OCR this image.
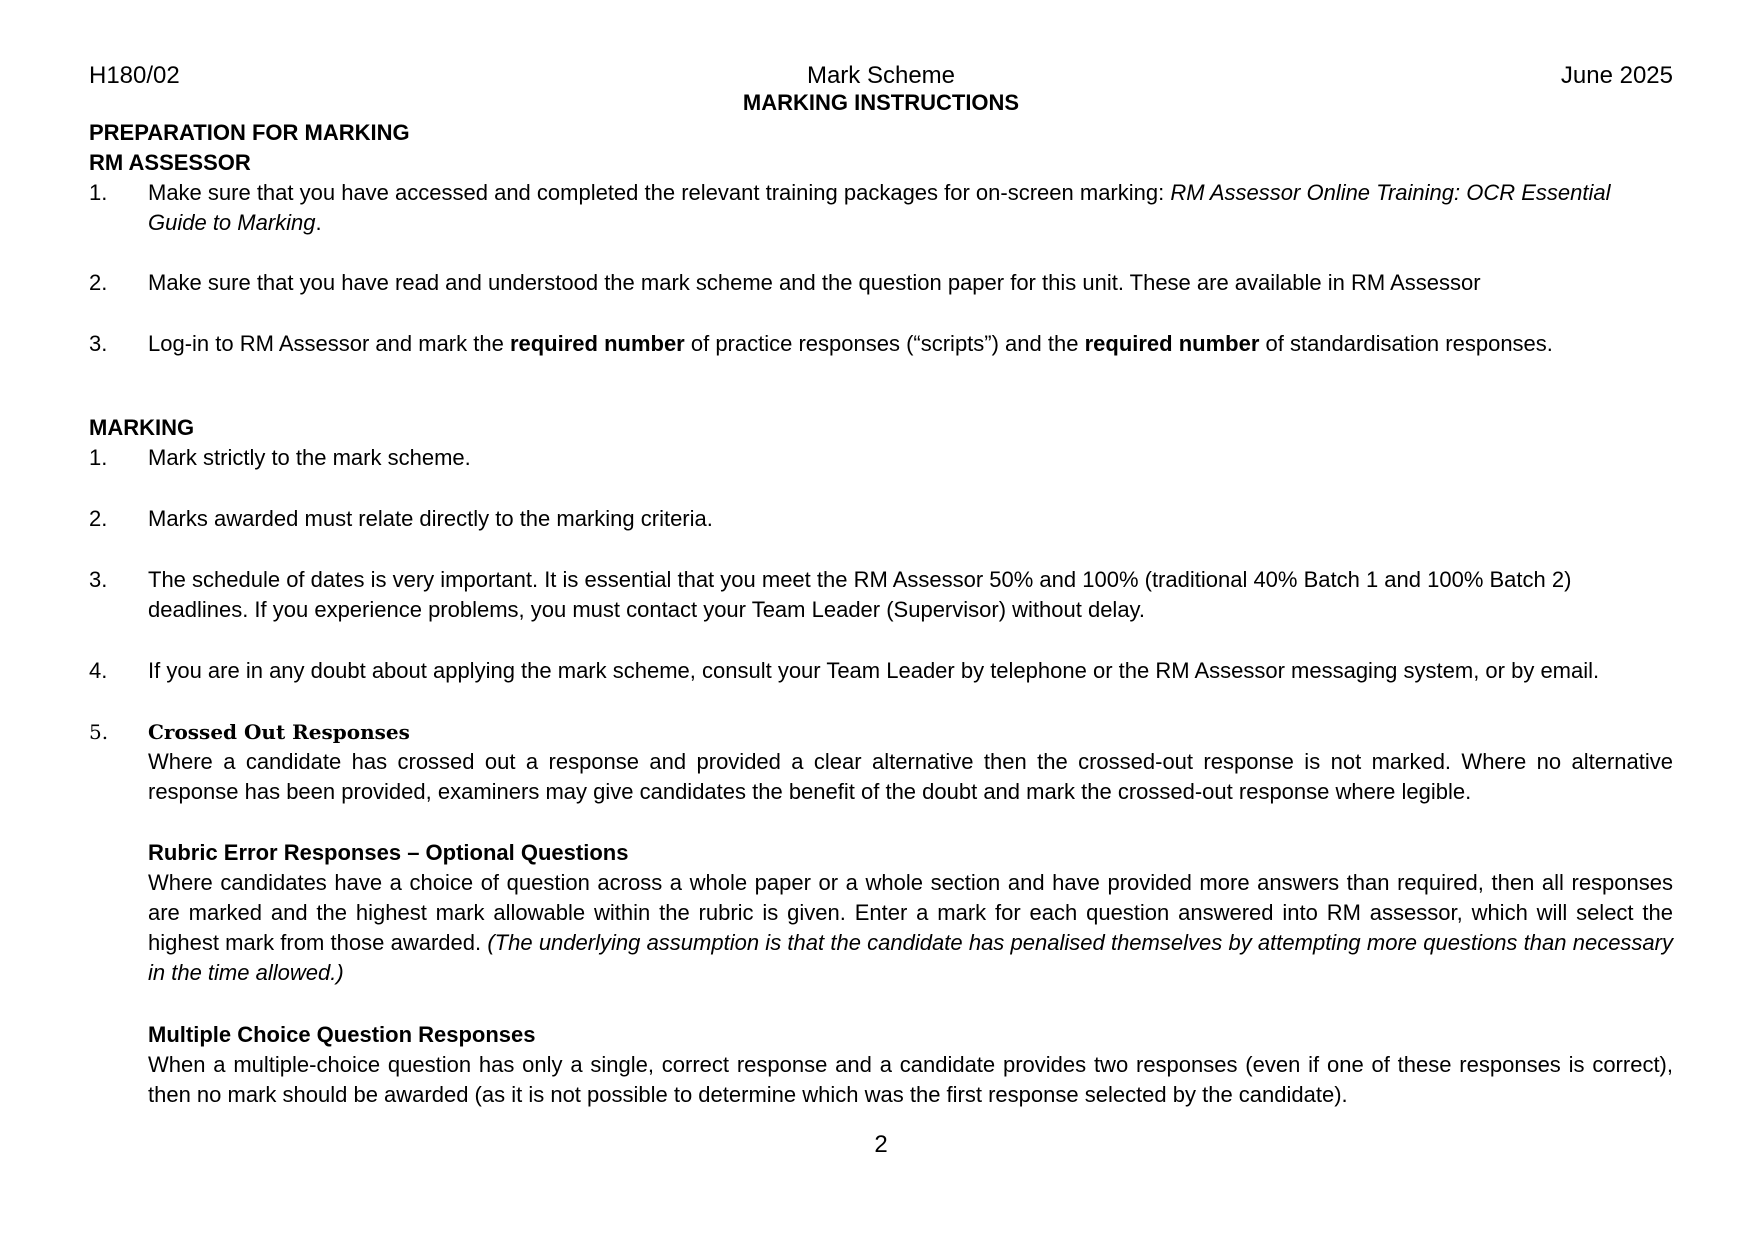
H180/02	Mark Scheme	June 2025
MARKING INSTRUCTIONS
PREPARATION FOR MARKING
RM ASSESSOR
1. Make sure that you have accessed and completed the relevant training packages for on-screen marking: RM Assessor Online Training: OCR Essential Guide to Marking.
2. Make sure that you have read and understood the mark scheme and the question paper for this unit. These are available in RM Assessor
3. Log-in to RM Assessor and mark the required number of practice responses (“scripts”) and the required number of standardisation responses.
MARKING
1. Mark strictly to the mark scheme.
2. Marks awarded must relate directly to the marking criteria.
3. The schedule of dates is very important. It is essential that you meet the RM Assessor 50% and 100% (traditional 40% Batch 1 and 100% Batch 2) deadlines. If you experience problems, you must contact your Team Leader (Supervisor) without delay.
4. If you are in any doubt about applying the mark scheme, consult your Team Leader by telephone or the RM Assessor messaging system, or by email.
5. Crossed Out Responses
Where a candidate has crossed out a response and provided a clear alternative then the crossed-out response is not marked. Where no alternative response has been provided, examiners may give candidates the benefit of the doubt and mark the crossed-out response where legible.
Rubric Error Responses – Optional Questions
Where candidates have a choice of question across a whole paper or a whole section and have provided more answers than required, then all responses are marked and the highest mark allowable within the rubric is given. Enter a mark for each question answered into RM assessor, which will select the highest mark from those awarded. (The underlying assumption is that the candidate has penalised themselves by attempting more questions than necessary in the time allowed.)
Multiple Choice Question Responses
When a multiple-choice question has only a single, correct response and a candidate provides two responses (even if one of these responses is correct), then no mark should be awarded (as it is not possible to determine which was the first response selected by the candidate).
2
